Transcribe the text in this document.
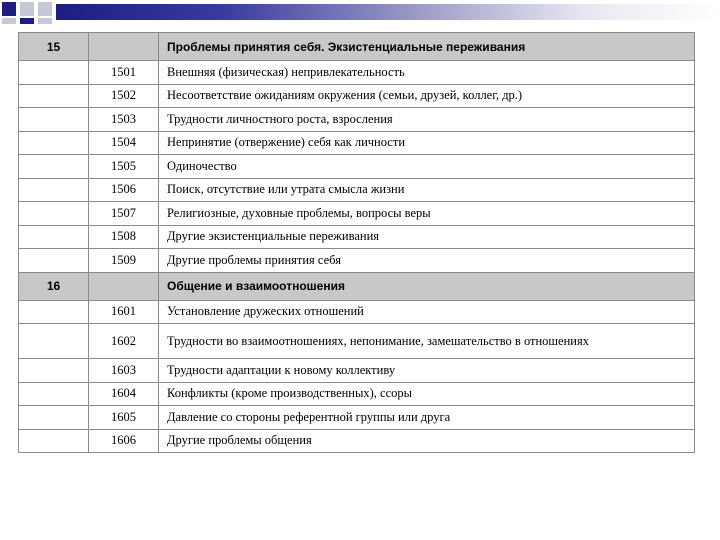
15		Проблемы принятия себя. Экзистенциальные переживания
	1501	Внешняя (физическая) непривлекательность
	1502	Несоответствие ожиданиям окружения (семьи, друзей, коллег, др.)
	1503	Трудности личностного роста, взросления
	1504	Непринятие (отвержение) себя как личности
	1505	Одиночество
	1506	Поиск, отсутствие или утрата смысла жизни
	1507	Религиозные, духовные проблемы, вопросы веры
	1508	Другие экзистенциальные переживания
	1509	Другие проблемы принятия себя
16		Общение и взаимоотношения
	1601	Установление дружеских отношений
	1602	Трудности во взаимоотношениях, непонимание, замешательство в отношениях
	1603	Трудности адаптации к новому коллективу
	1604	Конфликты (кроме производственных), ссоры
	1605	Давление со стороны референтной группы или друга
	1606	Другие проблемы общения
